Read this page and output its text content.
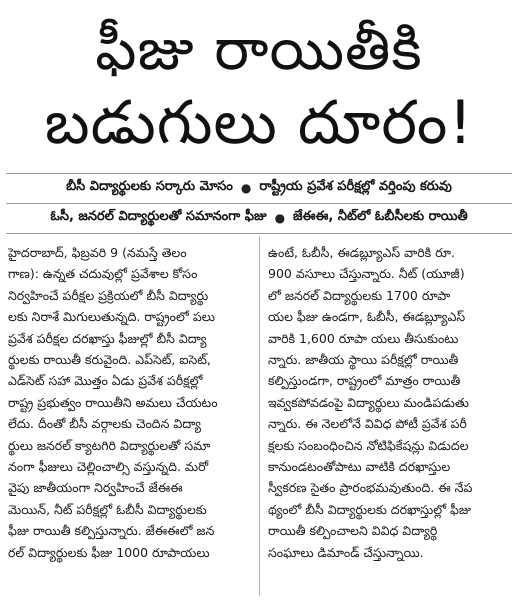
ఫీజు రాయితీకి
బడుగులు దూరం!
బీసీ విద్యార్థులకు సర్కారు మోసం ● రాష్ట్రీయ ప్రవేశ పరీక్షల్లో వర్తింపు కరువు
ఓసీ, జనరల్ విద్యార్థులతో సమానంగా ఫీజు ● జేఈఈ, నీట్‌లో ఓబీసీలకు రాయితీ
హైదరాబాద్, ఫిబ్రవరి 9 (నమస్తే తెలం
గాణ): ఉన్నత చదువుల్లో ప్రవేశాల కోసం
నిర్వహించే పరీక్షల ప్రక్రియలో బీసీ విద్యార్థు
లకు నిరాశే మిగులుతున్నది. రాష్ట్రంలో పలు
ప్రవేశ పరీక్షల దరఖాస్తు ఫీజుల్లో బీసీ విద్యా
ర్థులకు రాయితీ కరువైంది. ఎప్‌సెట్, ఐసెట్,
ఎడ్‌సెట్ సహా మొత్తం ఏడు ప్రవేశ పరీక్షల్లో
రాష్ట్ర ప్రభుత్వం రాయితీని అమలు చేయటం
లేదు. దీంతో బీసీ వర్గాలకు చెందిన విద్యా
ర్థులు జనరల్ క్యాటగిరి విద్యార్థులతో సమా
నంగా ఫీజులు చెల్లించాల్సి వస్తున్నది. మరో
వైపు జాతీయంగా నిర్వహించే జేఈఈ
మెయిన్, నీట్ పరీక్షల్లో ఓబీసీ విద్యార్థులకు
ఫీజు రాయితీ కల్పిస్తున్నారు. జేఈఈలో జన
రల్ విద్యార్థులకు ఫీజు 1000 రూపాయలు
ఉంటే, ఓబీసీ, ఈడబ్ల్యూఎస్ వారికి రూ.
900 వసూలు చేస్తున్నారు. నీట్ (యూజీ)
లో జనరల్ విద్యార్థులకు 1700 రూపా
యల ఫీజు ఉండగా, ఓబీసీ, ఈడబ్ల్యూఎస్
వారికి 1,600 రూపా యలు తీసుకుంటు
న్నారు. జాతీయ స్థాయి పరీక్షల్లో రాయితీ
కల్పిస్తుండగా, రాష్ట్రంలో మాత్రం రాయితీ
ఇవ్వకపోవడంపై విద్యార్థులు మండిపడుతు
న్నారు. ఈ నెలలోనే వివిధ పోటీ ప్రవేశ పరీ
క్షలకు సంబంధించిన నోటిఫికేషన్లు విడుదల
కానుండటంతోపాటు వాటికి దరఖాస్తుల
స్వీకరణ సైతం ప్రారంభమవుతుంది. ఈ నేప
థ్యంలో బీసీ విద్యార్థులకు దరఖాస్తుల్లో ఫీజు
రాయితీ కల్పించాలని వివిధ విద్యార్థి
సంఘాలు డిమాండ్ చేస్తున్నాయి.
